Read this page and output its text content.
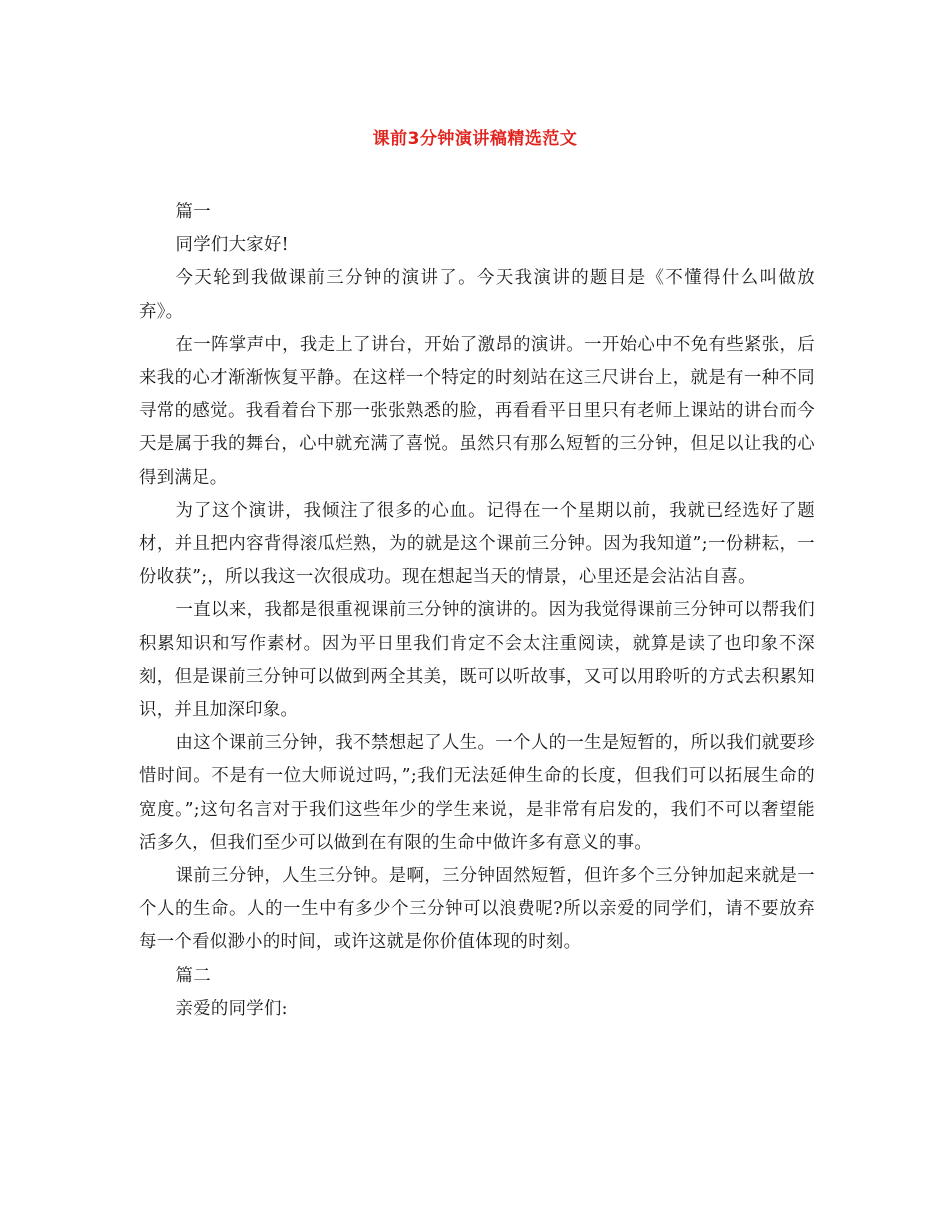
课前3分钟演讲稿精选范文

篇一

同学们大家好!

今天轮到我做课前三分钟的演讲了。今天我演讲的题目是《不懂得什么叫做放弃》。

在一阵掌声中，我走上了讲台，开始了激昂的演讲。一开始心中不免有些紧张，后来我的心才渐渐恢复平静。在这样一个特定的时刻站在这三尺讲台上，就是有一种不同寻常的感觉。我看着台下那一张张熟悉的脸，再看看平日里只有老师上课站的讲台而今天是属于我的舞台，心中就充满了喜悦。虽然只有那么短暂的三分钟，但足以让我的心得到满足。

为了这个演讲，我倾注了很多的心血。记得在一个星期以前，我就已经选好了题材，并且把内容背得滚瓜烂熟，为的就是这个课前三分钟。因为我知道”;一份耕耘，一份收获”;，所以我这一次很成功。现在想起当天的情景，心里还是会沾沾自喜。

一直以来，我都是很重视课前三分钟的演讲的。因为我觉得课前三分钟可以帮我们积累知识和写作素材。因为平日里我们肯定不会太注重阅读，就算是读了也印象不深刻，但是课前三分钟可以做到两全其美，既可以听故事，又可以用聆听的方式去积累知识，并且加深印象。

由这个课前三分钟，我不禁想起了人生。一个人的一生是短暂的，所以我们就要珍惜时间。不是有一位大师说过吗，”;我们无法延伸生命的长度，但我们可以拓展生命的宽度。”;这句名言对于我们这些年少的学生来说，是非常有启发的，我们不可以奢望能活多久，但我们至少可以做到在有限的生命中做许多有意义的事。

课前三分钟，人生三分钟。是啊，三分钟固然短暂，但许多个三分钟加起来就是一个人的生命。人的一生中有多少个三分钟可以浪费呢?所以亲爱的同学们，请不要放弃每一个看似渺小的时间，或许这就是你价值体现的时刻。

篇二

亲爱的同学们:
